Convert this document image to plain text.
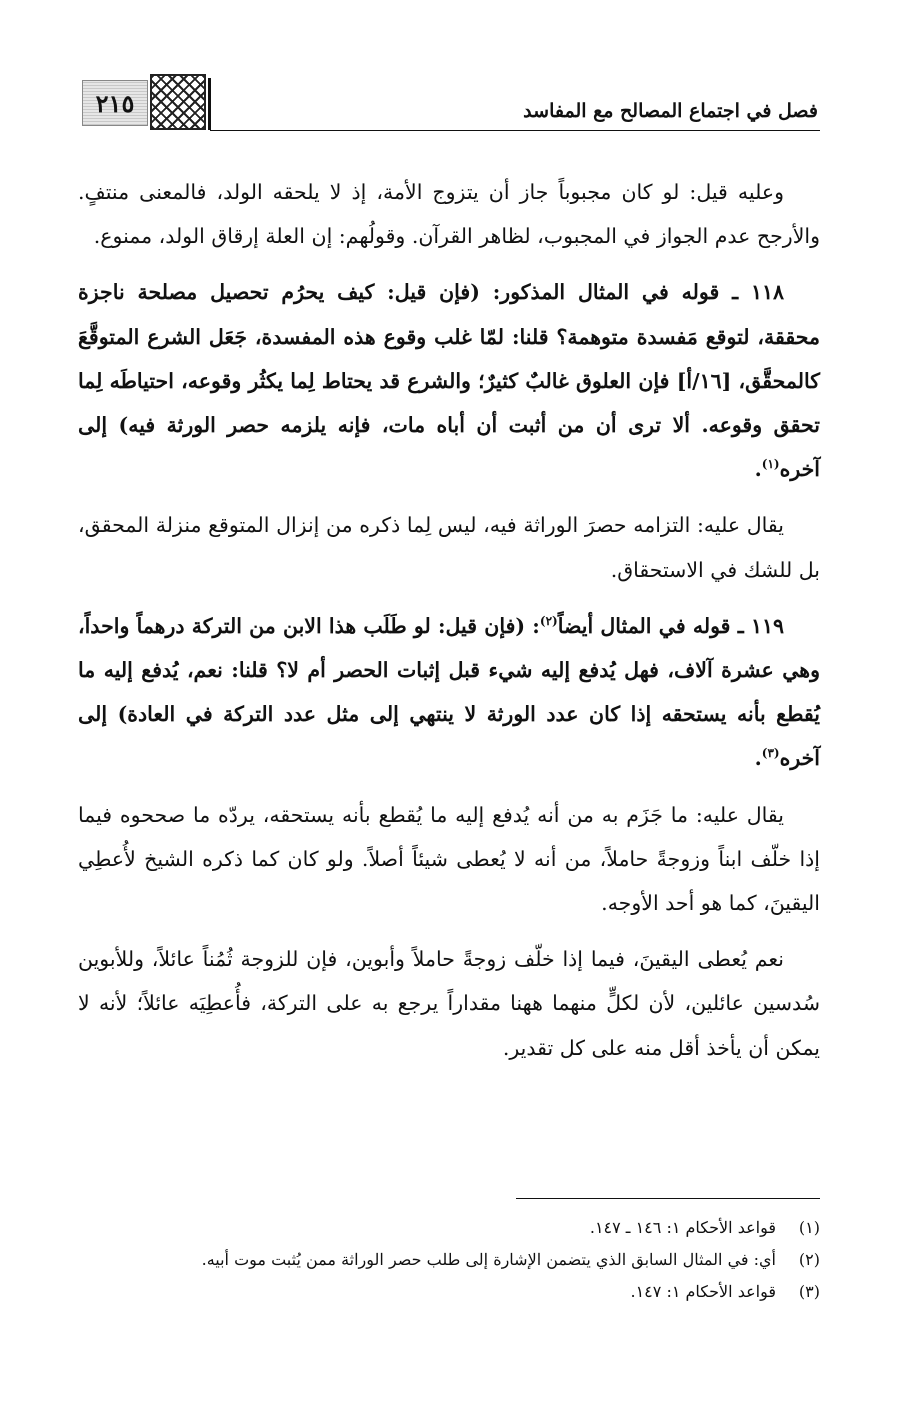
٢١٥	فصل في اجتماع المصالح مع المفاسد

وعليه قيل: لو كان مجبوباً جاز أن يتزوج الأمة، إذ لا يلحقه الولد، فالمعنى منتفٍ. والأرجح عدم الجواز في المجبوب، لظاهر القرآن. وقولُهم: إن العلة إرقاق الولد، ممنوع.

١١٨ ـ قوله في المثال المذكور: (فإن قيل: كيف يحرُم تحصيل مصلحة ناجزة محققة، لتوقع مَفسدة متوهمة؟ قلنا: لمّا غلب وقوع هذه المفسدة، جَعَل الشرع المتوقَّعَ كالمحقَّق، [١٦/أ] فإن العلوق غالبٌ كثيرٌ؛ والشرع قد يحتاط لِما يكثُر وقوعه، احتياطَه لِما تحقق وقوعه. ألا ترى أن من أثبت أن أباه مات، فإنه يلزمه حصر الورثة فيه) إلى آخره$^{(١)}$.

يقال عليه: التزامه حصرَ الوراثة فيه، ليس لِما ذكره من إنزال المتوقع منزلة المحقق، بل للشك في الاستحقاق.

١١٩ ـ قوله في المثال أيضاً$^{(٢)}$: (فإن قيل: لو طَلَب هذا الابن من التركة درهماً واحداً، وهي عشرة آلاف، فهل يُدفع إليه شيء قبل إثبات الحصر أم لا؟ قلنا: نعم، يُدفع إليه ما يُقطع بأنه يستحقه إذا كان عدد الورثة لا ينتهي إلى مثل عدد التركة في العادة) إلى آخره$^{(٣)}$.

يقال عليه: ما جَزَم به من أنه يُدفع إليه ما يُقطع بأنه يستحقه، يردّه ما صححوه فيما إذا خلّف ابناً وزوجةً حاملاً، من أنه لا يُعطى شيئاً أصلاً. ولو كان كما ذكره الشيخ لأُعطِي اليقينَ، كما هو أحد الأوجه.

نعم يُعطى اليقينَ، فيما إذا خلّف زوجةً حاملاً وأبوين، فإن للزوجة ثُمُناً عائلاً، وللأبوين سُدسين عائلين، لأن لكلٍّ منهما ههنا مقداراً يرجع به على التركة، فأُعطِيَه عائلاً؛ لأنه لا يمكن أن يأخذ أقل منه على كل تقدير.

(١)قواعد الأحكام ١: ١٤٦ ـ ١٤٧.
(٢)أي: في المثال السابق الذي يتضمن الإشارة إلى طلب حصر الوراثة ممن يُثبت موت أبيه.
(٣)قواعد الأحكام ١: ١٤٧.
